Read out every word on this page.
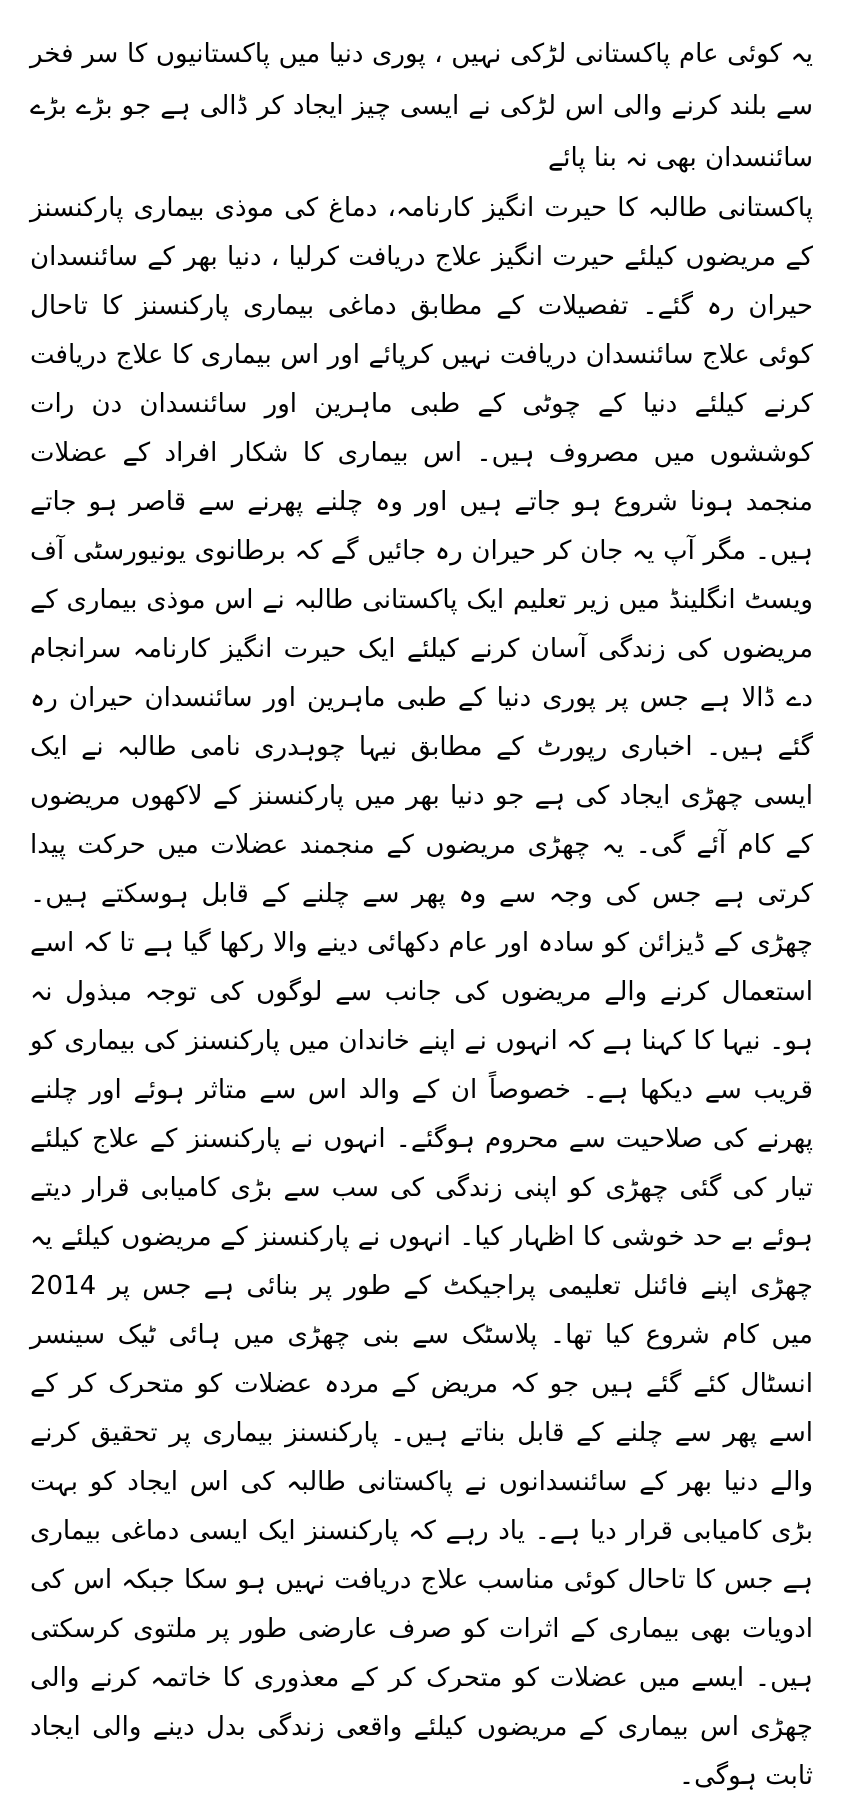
یہ کوئی عام پاکستانی لڑکی نہیں ، پوری دنیا میں پاکستانیوں کا سر فخر سے بلند کرنے والی اس لڑکی نے ایسی چیز ایجاد کر ڈالی ہے جو بڑے بڑے سائنسدان بھی نہ بنا پائے

پاکستانی طالبہ کا حیرت انگیز کارنامہ، دماغ کی موذی بیماری پارکنسنز کے مریضوں کیلئے حیرت انگیز علاج دریافت کرلیا ، دنیا بھر کے سائنسدان حیران رہ گئے۔ تفصیلات کے مطابق دماغی بیماری پارکنسنز کا تاحال کوئی علاج سائنسدان دریافت نہیں کرپائے اور اس بیماری کا علاج دریافت کرنے کیلئے دنیا کے چوٹی کے طبی ماہرین اور سائنسدان دن رات کوششوں میں مصروف ہیں۔ اس بیماری کا شکار افراد کے عضلات منجمد ہونا شروع ہو جاتے ہیں اور وہ چلنے پھرنے سے قاصر ہو جاتے ہیں۔ مگر آپ یہ جان کر حیران رہ جائیں گے کہ برطانوی یونیورسٹی آف ویسٹ انگلینڈ میں زیر تعلیم ایک پاکستانی طالبہ نے اس موذی بیماری کے مریضوں کی زندگی آسان کرنے کیلئے ایک حیرت انگیز کارنامہ سرانجام دے ڈالا ہے جس پر پوری دنیا کے طبی ماہرین اور سائنسدان حیران رہ گئے ہیں۔ اخباری رپورٹ کے مطابق نیہا چوہدری نامی طالبہ نے ایک ایسی چھڑی ایجاد کی ہے جو دنیا بھر میں پارکنسنز کے لاکھوں مریضوں کے کام آئے گی۔ یہ چھڑی مریضوں کے منجمند عضلات میں حرکت پیدا کرتی ہے جس کی وجہ سے وہ پھر سے چلنے کے قابل ہوسکتے ہیں۔ چھڑی کے ڈیزائن کو سادہ اور عام دکھائی دینے والا رکھا گیا ہے تا کہ اسے استعمال کرنے والے مریضوں کی جانب سے لوگوں کی توجہ مبذول نہ ہو۔ نیہا کا کہنا ہے کہ انہوں نے اپنے خاندان میں پارکنسنز کی بیماری کو قریب سے دیکھا ہے۔ خصوصاً ان کے والد اس سے متاثر ہوئے اور چلنے پھرنے کی صلاحیت سے محروم ہوگئے۔ انہوں نے پارکنسنز کے علاج کیلئے تیار کی گئی چھڑی کو اپنی زندگی کی سب سے بڑی کامیابی قرار دیتے ہوئے بے حد خوشی کا اظہار کیا۔ انہوں نے پارکنسنز کے مریضوں کیلئے یہ چھڑی اپنے فائنل تعلیمی پراجیکٹ کے طور پر بنائی ہے جس پر 2014 میں کام شروع کیا تھا۔ پلاسٹک سے بنی چھڑی میں ہائی ٹیک سینسر انسٹال کئے گئے ہیں جو کہ مریض کے مردہ عضلات کو متحرک کر کے اسے پھر سے چلنے کے قابل بناتے ہیں۔ پارکنسنز بیماری پر تحقیق کرنے والے دنیا بھر کے سائنسدانوں نے پاکستانی طالبہ کی اس ایجاد کو بہت بڑی کامیابی قرار دیا ہے۔ یاد رہے کہ پارکنسنز ایک ایسی دماغی بیماری ہے جس کا تاحال کوئی مناسب علاج دریافت نہیں ہو سکا جبکہ اس کی ادویات بھی بیماری کے اثرات کو صرف عارضی طور پر ملتوی کرسکتی ہیں۔ ایسے میں عضلات کو متحرک کر کے معذوری کا خاتمہ کرنے والی چھڑی اس بیماری کے مریضوں کیلئے واقعی زندگی بدل دینے والی ایجاد ثابت ہوگی۔
